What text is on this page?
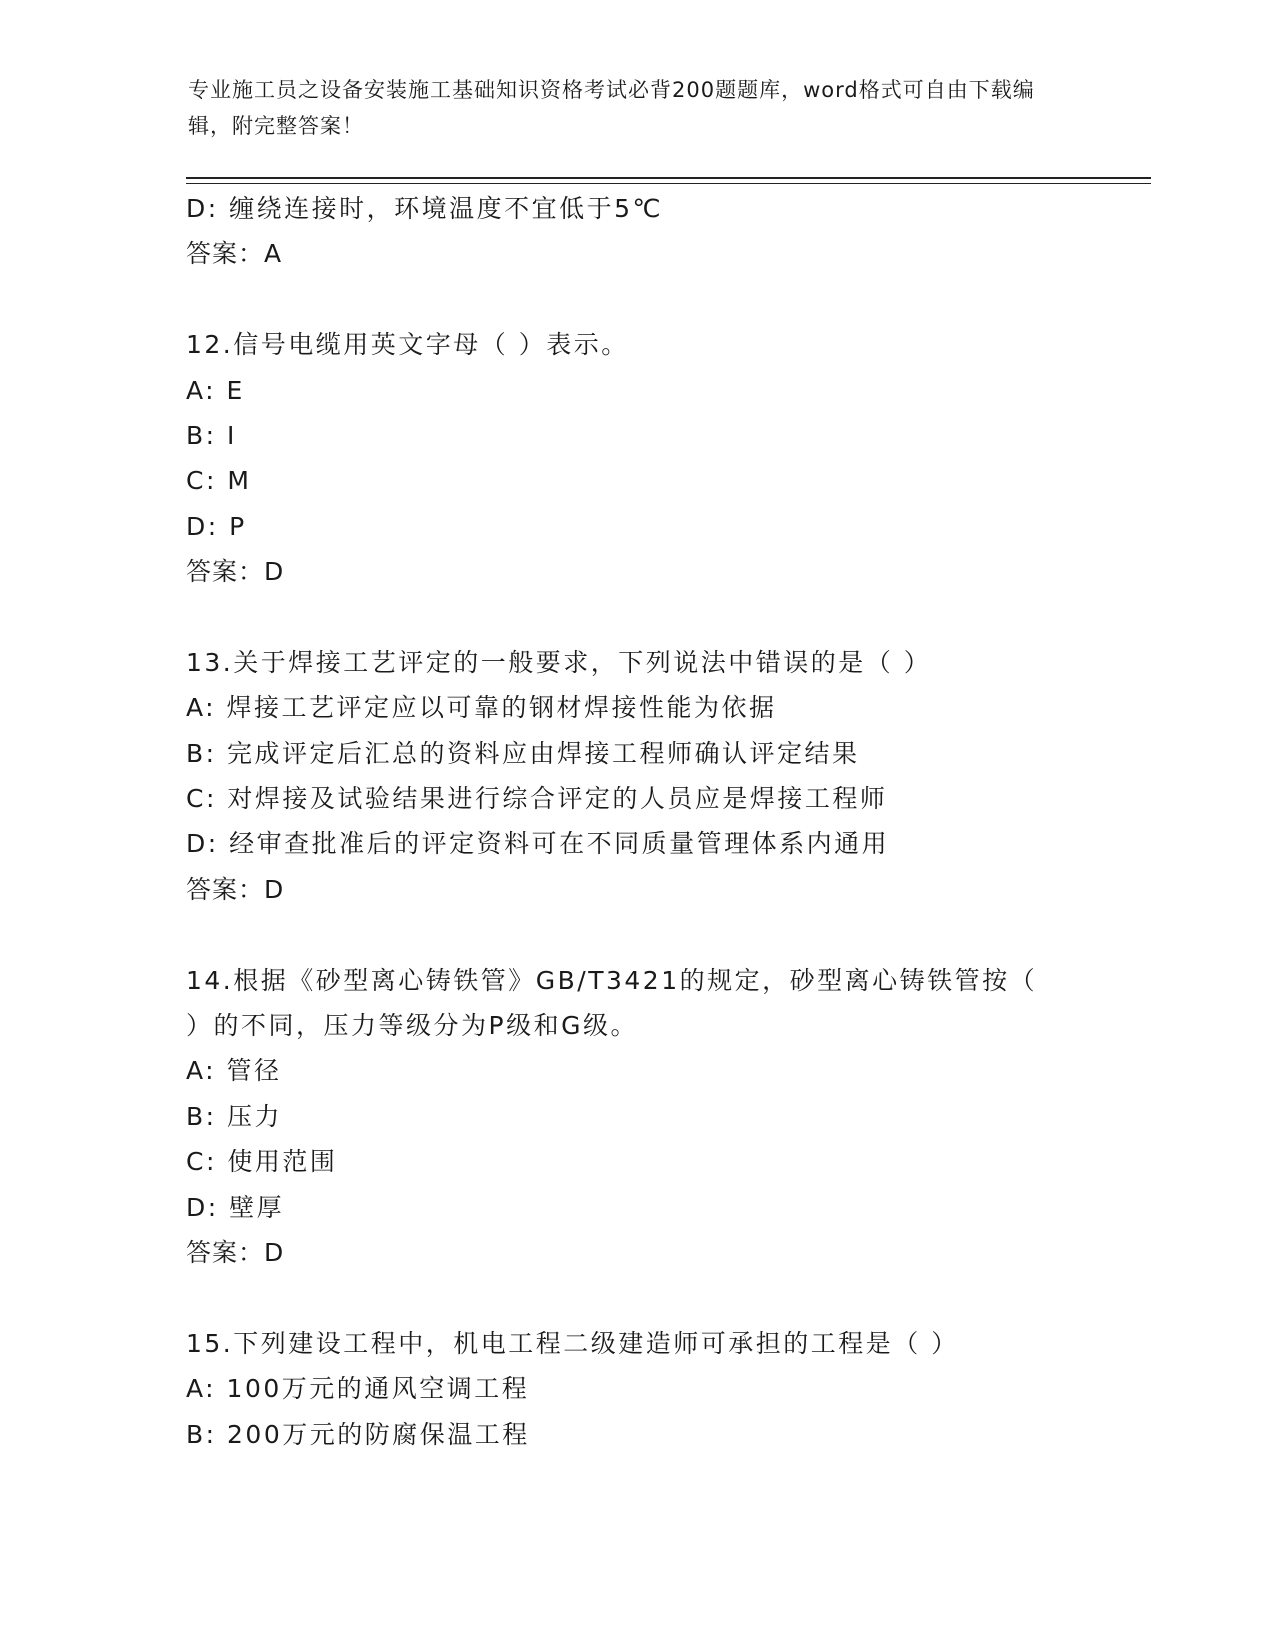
专业施工员之设备安装施工基础知识资格考试必背200题题库，word格式可自由下载编辑，附完整答案！
D: 缠绕连接时，环境温度不宜低于5℃
答案：A
12.信号电缆用英文字母（ ）表示。
A: E
B: I
C: M
D: P
答案：D
13.关于焊接工艺评定的一般要求，下列说法中错误的是（ ）
A: 焊接工艺评定应以可靠的钢材焊接性能为依据
B: 完成评定后汇总的资料应由焊接工程师确认评定结果
C: 对焊接及试验结果进行综合评定的人员应是焊接工程师
D: 经审查批准后的评定资料可在不同质量管理体系内通用
答案：D
14.根据《砂型离心铸铁管》GB/T3421的规定，砂型离心铸铁管按（
）的不同，压力等级分为P级和G级。
A: 管径
B: 压力
C: 使用范围
D: 壁厚
答案：D
15.下列建设工程中，机电工程二级建造师可承担的工程是（ ）
A: 100万元的通风空调工程
B: 200万元的防腐保温工程
